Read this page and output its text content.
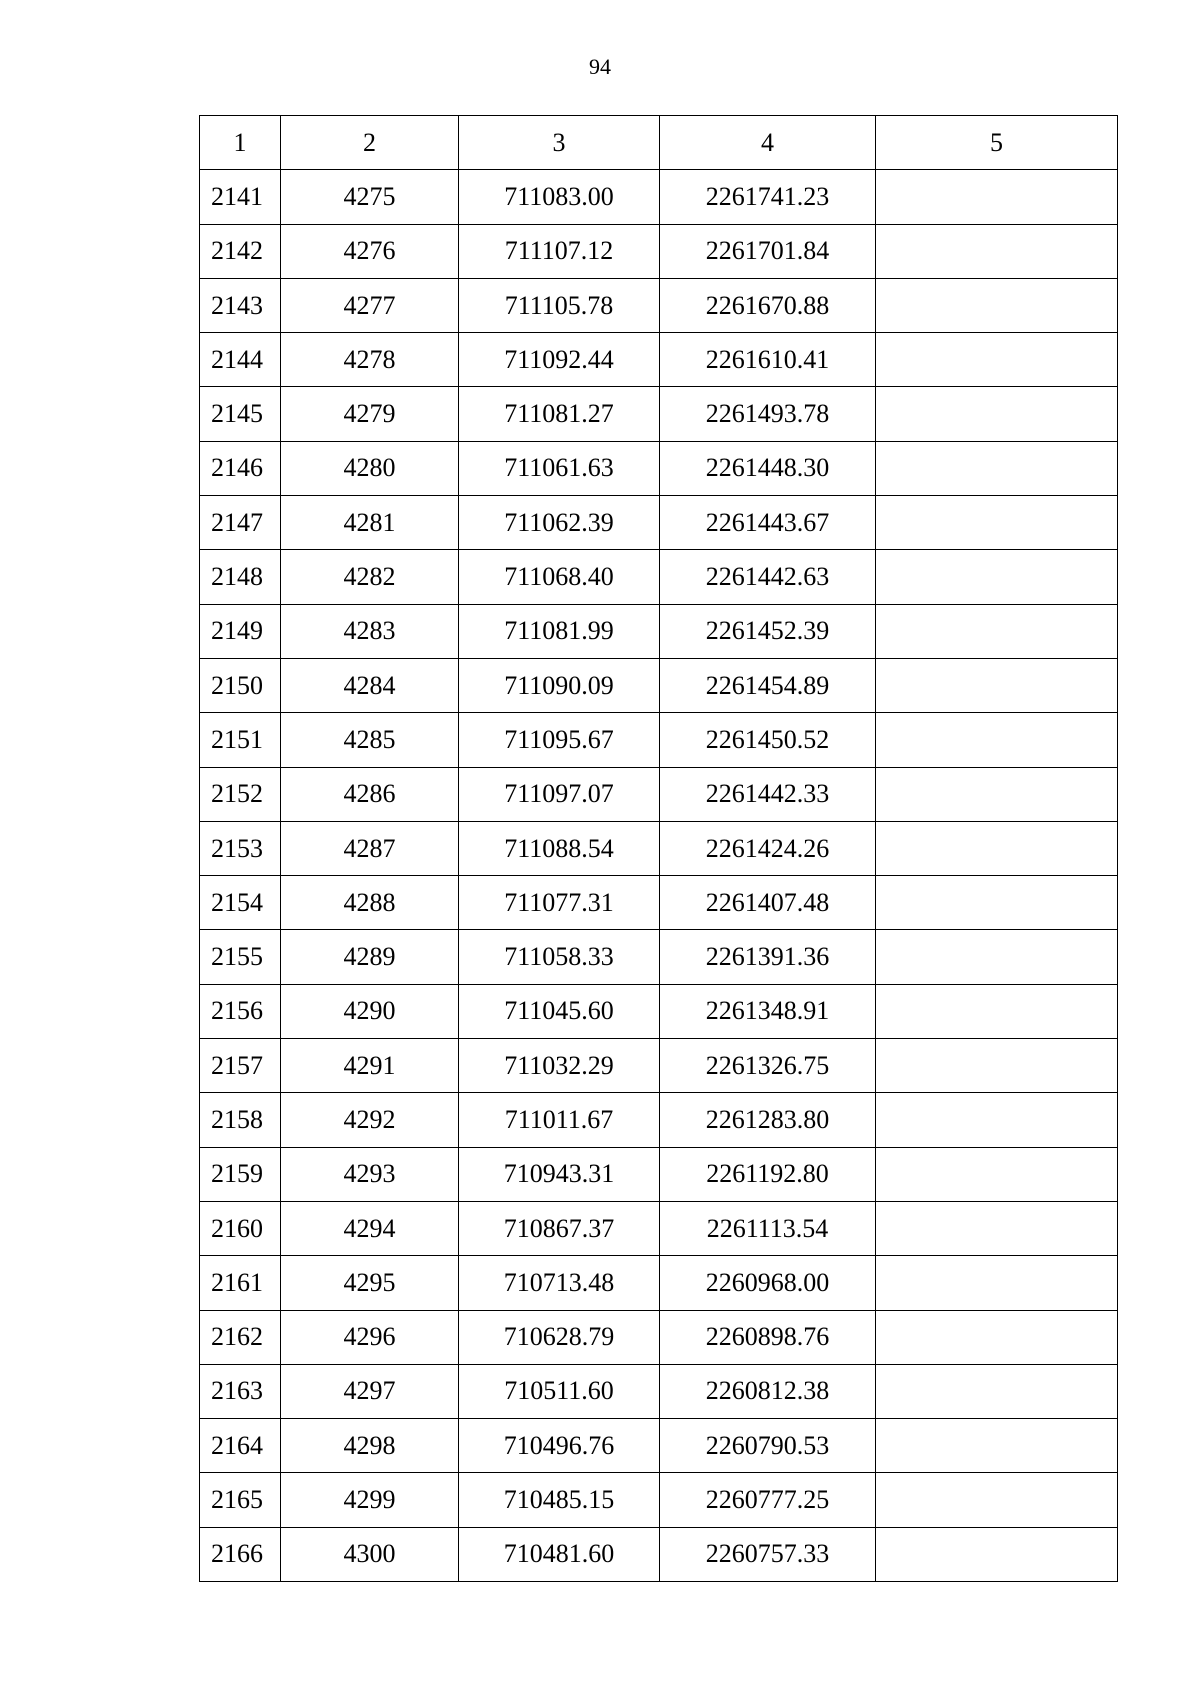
94
1	2	3	4	5
2141	4275	711083.00	2261741.23	
2142	4276	711107.12	2261701.84	
2143	4277	711105.78	2261670.88	
2144	4278	711092.44	2261610.41	
2145	4279	711081.27	2261493.78	
2146	4280	711061.63	2261448.30	
2147	4281	711062.39	2261443.67	
2148	4282	711068.40	2261442.63	
2149	4283	711081.99	2261452.39	
2150	4284	711090.09	2261454.89	
2151	4285	711095.67	2261450.52	
2152	4286	711097.07	2261442.33	
2153	4287	711088.54	2261424.26	
2154	4288	711077.31	2261407.48	
2155	4289	711058.33	2261391.36	
2156	4290	711045.60	2261348.91	
2157	4291	711032.29	2261326.75	
2158	4292	711011.67	2261283.80	
2159	4293	710943.31	2261192.80	
2160	4294	710867.37	2261113.54	
2161	4295	710713.48	2260968.00	
2162	4296	710628.79	2260898.76	
2163	4297	710511.60	2260812.38	
2164	4298	710496.76	2260790.53	
2165	4299	710485.15	2260777.25	
2166	4300	710481.60	2260757.33	
